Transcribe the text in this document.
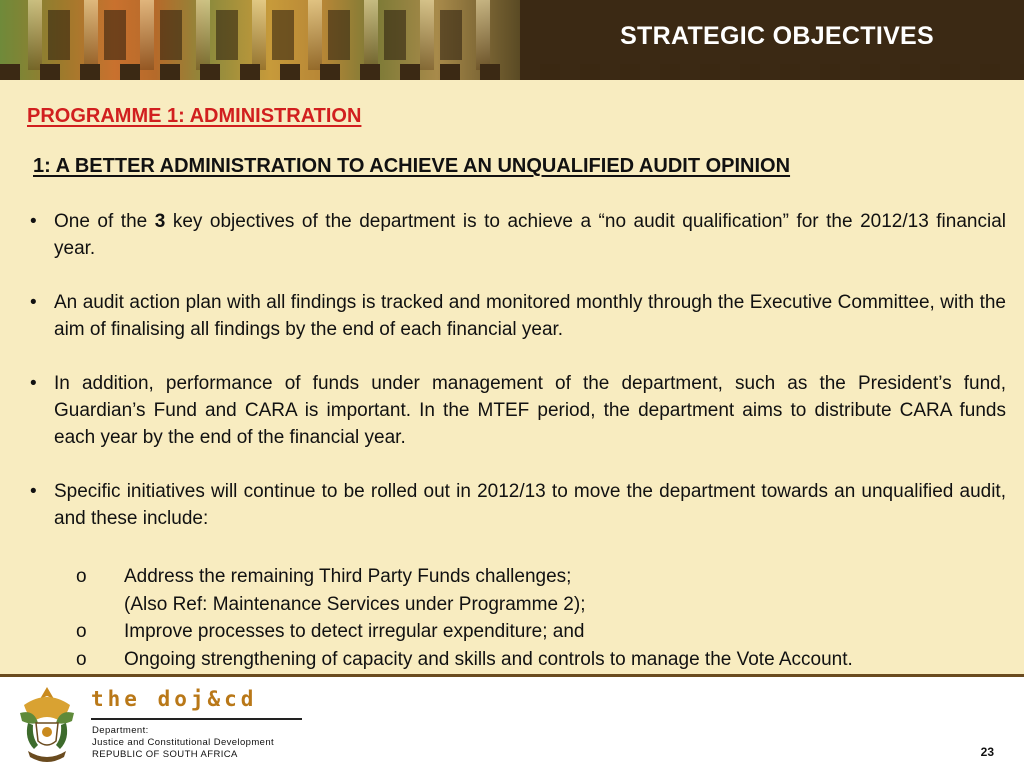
STRATEGIC OBJECTIVES
PROGRAMME 1: ADMINISTRATION
1: A BETTER ADMINISTRATION TO ACHIEVE AN UNQUALIFIED AUDIT OPINION
• One of the 3 key objectives of the department is to achieve a “no audit qualification” for the 2012/13 financial year.
• An audit action plan with all findings is tracked and monitored monthly through the Executive Committee, with the aim of finalising all findings by the end of each financial year.
• In addition, performance of funds under management of the department, such as the President’s fund, Guardian’s Fund and CARA is important. In the MTEF period, the department aims to distribute CARA funds each year by the end of the financial year.
• Specific initiatives will continue to be rolled out in 2012/13 to move the department towards an unqualified audit, and these include:
o Address the remaining Third Party Funds challenges;
(Also Ref: Maintenance Services under Programme 2);
o Improve processes to detect irregular expenditure; and
o Ongoing strengthening of capacity and skills and controls to manage the Vote Account.
the doj&cd
Department:
Justice and Constitutional Development
REPUBLIC OF SOUTH AFRICA	23
